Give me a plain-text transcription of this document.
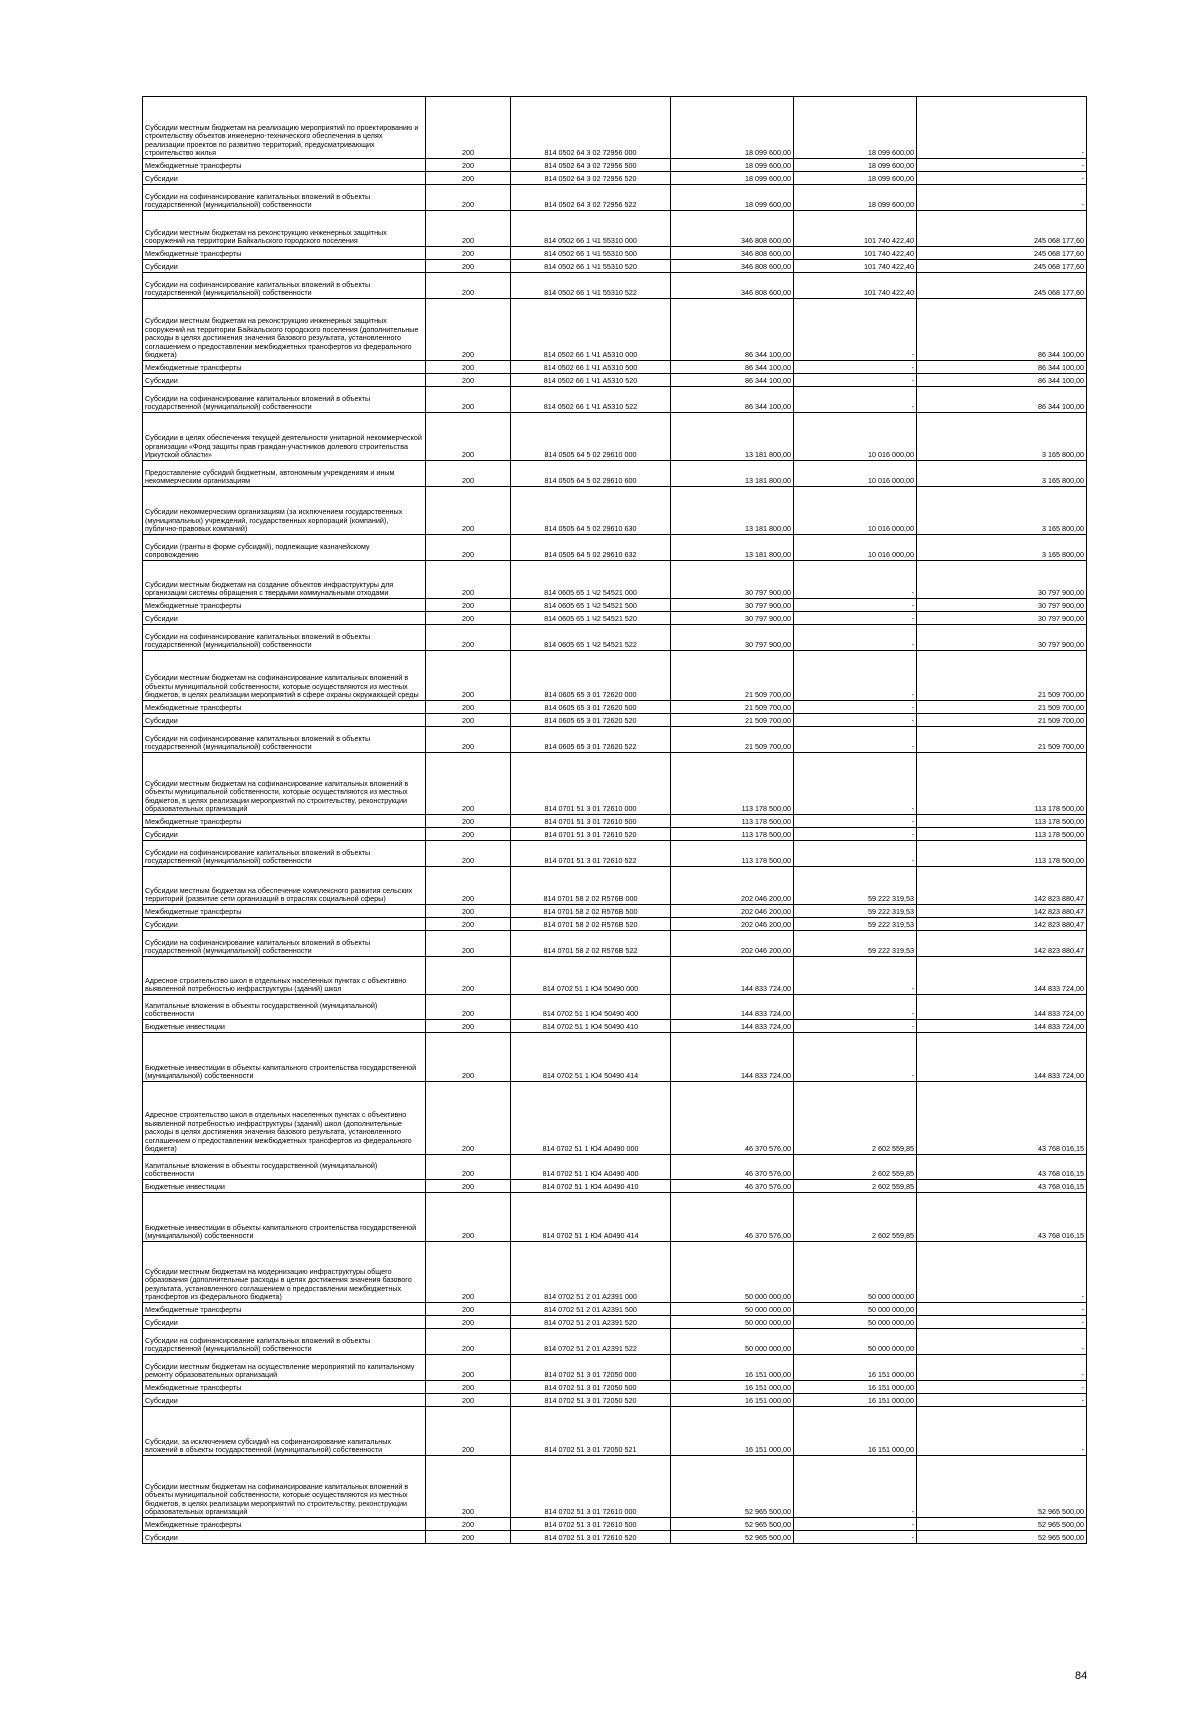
Субсидии местным бюджетам на реализацию мероприятий по проектированию и строительству объектов инженерно-технического обеспечения в целях реализации проектов по развитию территорий, предусматривающих строительство жилья	200	814 0502 64 3 02 72956 000	18 099 600,00	18 099 600,00	-
Межбюджетные трансферты	200	814 0502 64 3 02 72956 500	18 099 600,00	18 099 600,00	-
Субсидии	200	814 0502 64 3 02 72956 520	18 099 600,00	18 099 600,00	-
Субсидии на софинансирование капитальных вложений в объекты государственной (муниципальной) собственности	200	814 0502 64 3 02 72956 522	18 099 600,00	18 099 600,00	-
Субсидии местным бюджетам на реконструкцию инженерных защитных сооружений на территории Байкальского городского поселения	200	814 0502 66 1 Ч1 55310 000	346 808 600,00	101 740 422,40	245 068 177,60
Межбюджетные трансферты	200	814 0502 66 1 Ч1 55310 500	346 808 600,00	101 740 422,40	245 068 177,60
Субсидии	200	814 0502 66 1 Ч1 55310 520	346 808 600,00	101 740 422,40	245 068 177,60
Субсидии на софинансирование капитальных вложений в объекты государственной (муниципальной) собственности	200	814 0502 66 1 Ч1 55310 522	346 808 600,00	101 740 422,40	245 068 177,60
Субсидии местным бюджетам на реконструкцию инженерных защитных сооружений на территории Байкальского городского поселения (дополнительные расходы в целях достижения значения базового результата, установленного соглашением о предоставлении межбюджетных трансфертов из федерального бюджета)	200	814 0502 66 1 Ч1 А5310 000	86 344 100,00	-	86 344 100,00
Межбюджетные трансферты	200	814 0502 66 1 Ч1 А5310 500	86 344 100,00	-	86 344 100,00
Субсидии	200	814 0502 66 1 Ч1 А5310 520	86 344 100,00	-	86 344 100,00
Субсидии на софинансирование капитальных вложений в объекты государственной (муниципальной) собственности	200	814 0502 66 1 Ч1 А5310 522	86 344 100,00	-	86 344 100,00
Субсидии в целях обеспечения текущей деятельности унитарной некоммерческой организации «Фонд защиты прав граждан-участников долевого строительства Иркутской области»	200	814 0505 64 5 02 29610 000	13 181 800,00	10 016 000,00	3 165 800,00
Предоставление субсидий бюджетным, автономным учреждениям и иным некоммерческим организациям	200	814 0505 64 5 02 29610 600	13 181 800,00	10 016 000,00	3 165 800,00
Субсидии некоммерческим организациям (за исключением государственных (муниципальных) учреждений, государственных корпораций (компаний), публично-правовых компаний)	200	814 0505 64 5 02 29610 630	13 181 800,00	10 016 000,00	3 165 800,00
Субсидии (гранты в форме субсидий), подлежащие казначейскому сопровождению	200	814 0505 64 5 02 29610 632	13 181 800,00	10 016 000,00	3 165 800,00
Субсидии местным бюджетам на создание объектов инфраструктуры для организации системы обращения с твердыми коммунальными отходами	200	814 0605 65 1 Ч2 54521 000	30 797 900,00	-	30 797 900,00
Межбюджетные трансферты	200	814 0605 65 1 Ч2 54521 500	30 797 900,00	-	30 797 900,00
Субсидии	200	814 0605 65 1 Ч2 54521 520	30 797 900,00	-	30 797 900,00
Субсидии на софинансирование капитальных вложений в объекты государственной (муниципальной) собственности	200	814 0605 65 1 Ч2 54521 522	30 797 900,00	-	30 797 900,00
Субсидии местным бюджетам на софинансирование капитальных вложений в объекты муниципальной собственности, которые осуществляются из местных бюджетов, в целях реализации мероприятий в сфере охраны окружающей среды	200	814 0605 65 3 01 72620 000	21 509 700,00	-	21 509 700,00
Межбюджетные трансферты	200	814 0605 65 3 01 72620 500	21 509 700,00	-	21 509 700,00
Субсидии	200	814 0605 65 3 01 72620 520	21 509 700,00	-	21 509 700,00
Субсидии на софинансирование капитальных вложений в объекты государственной (муниципальной) собственности	200	814 0605 65 3 01 72620 522	21 509 700,00	-	21 509 700,00
Субсидии местным бюджетам на софинансирование капитальных вложений в объекты муниципальной собственности, которые осуществляются из местных бюджетов, в целях реализации мероприятий по строительству, реконструкции образовательных организаций	200	814 0701 51 3 01 72610 000	113 178 500,00	-	113 178 500,00
Межбюджетные трансферты	200	814 0701 51 3 01 72610 500	113 178 500,00	-	113 178 500,00
Субсидии	200	814 0701 51 3 01 72610 520	113 178 500,00	-	113 178 500,00
Субсидии на софинансирование капитальных вложений в объекты государственной (муниципальной) собственности	200	814 0701 51 3 01 72610 522	113 178 500,00	-	113 178 500,00
Субсидии местным бюджетам на обеспечение комплексного развития сельских территорий (развитие сети организаций в отраслях социальной сферы)	200	814 0701 58 2 02 R576B 000	202 046 200,00	59 222 319,53	142 823 880,47
Межбюджетные трансферты	200	814 0701 58 2 02 R576B 500	202 046 200,00	59 222 319,53	142 823 880,47
Субсидии	200	814 0701 58 2 02 R576B 520	202 046 200,00	59 222 319,53	142 823 880,47
Субсидии на софинансирование капитальных вложений в объекты государственной (муниципальной) собственности	200	814 0701 58 2 02 R576B 522	202 046 200,00	59 222 319,53	142 823 880,47
Адресное строительство школ в отдельных населенных пунктах с объективно выявленной потребностью инфраструктуры (зданий) школ	200	814 0702 51 1 Ю4 50490 000	144 833 724,00	-	144 833 724,00
Капитальные вложения в объекты государственной (муниципальной) собственности	200	814 0702 51 1 Ю4 50490 400	144 833 724,00	-	144 833 724,00
Бюджетные инвестиции	200	814 0702 51 1 Ю4 50490 410	144 833 724,00	-	144 833 724,00
Бюджетные инвестиции в объекты капитального строительства государственной (муниципальной) собственности	200	814 0702 51 1 Ю4 50490 414	144 833 724,00	-	144 833 724,00
Адресное строительство школ в отдельных населенных пунктах с объективно выявленной потребностью инфраструктуры (зданий) школ (дополнительные расходы в целях достижения значения базового результата, установленного соглашением о предоставлении межбюджетных трансфертов из федерального бюджета)	200	814 0702 51 1 Ю4 А0490 000	46 370 576,00	2 602 559,85	43 768 016,15
Капитальные вложения в объекты государственной (муниципальной) собственности	200	814 0702 51 1 Ю4 А0490 400	46 370 576,00	2 602 559,85	43 768 016,15
Бюджетные инвестиции	200	814 0702 51 1 Ю4 А0490 410	46 370 576,00	2 602 559,85	43 768 016,15
Бюджетные инвестиции в объекты капитального строительства государственной (муниципальной) собственности	200	814 0702 51 1 Ю4 А0490 414	46 370 576,00	2 602 559,85	43 768 016,15
Субсидии местным бюджетам на модернизацию инфраструктуры общего образования (дополнительные расходы в целях достижения значения базового результата, установленного соглашением о предоставлении межбюджетных трансфертов из федерального бюджета)	200	814 0702 51 2 01 А2391 000	50 000 000,00	50 000 000,00	-
Межбюджетные трансферты	200	814 0702 51 2 01 А2391 500	50 000 000,00	50 000 000,00	-
Субсидии	200	814 0702 51 2 01 А2391 520	50 000 000,00	50 000 000,00	-
Субсидии на софинансирование капитальных вложений в объекты государственной (муниципальной) собственности	200	814 0702 51 2 01 А2391 522	50 000 000,00	50 000 000,00	-
Субсидии местным бюджетам на осуществление мероприятий по капитальному ремонту образовательных организаций	200	814 0702 51 3 01 72050 000	16 151 000,00	16 151 000,00	-
Межбюджетные трансферты	200	814 0702 51 3 01 72050 500	16 151 000,00	16 151 000,00	-
Субсидии	200	814 0702 51 3 01 72050 520	16 151 000,00	16 151 000,00	-
Субсидии, за исключением субсидий на софинансирование капитальных вложений в объекты государственной (муниципальной) собственности	200	814 0702 51 3 01 72050 521	16 151 000,00	16 151 000,00	-
Субсидии местным бюджетам на софинансирование капитальных вложений в объекты муниципальной собственности, которые осуществляются из местных бюджетов, в целях реализации мероприятий по строительству, реконструкции образовательных организаций	200	814 0702 51 3 01 72610 000	52 965 500,00	-	52 965 500,00
Межбюджетные трансферты	200	814 0702 51 3 01 72610 500	52 965 500,00	-	52 965 500,00
Субсидии	200	814 0702 51 3 01 72610 520	52 965 500,00	-	52 965 500,00
84
